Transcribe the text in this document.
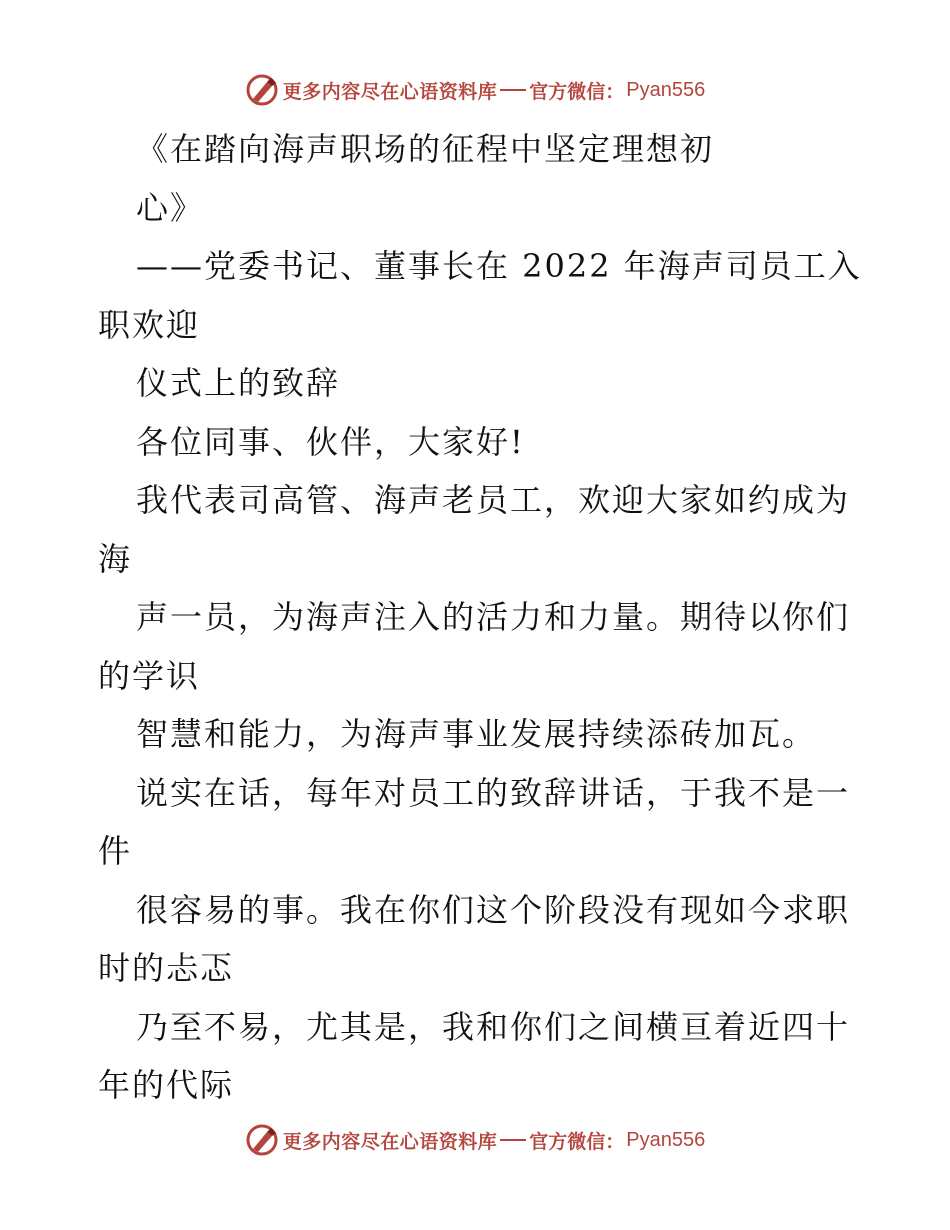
更多内容尽在心语资料库 官方微信： Pyan556
《在踏向海声职场的征程中坚定理想初
心》
——党委书记、董事长在 2022 年海声司员工入
职欢迎
仪式上的致辞
各位同事、伙伴，大家好!
我代表司高管、海声老员工，欢迎大家如约成为
海
声一员，为海声注入的活力和力量。期待以你们
的学识
智慧和能力，为海声事业发展持续添砖加瓦。
说实在话，每年对员工的致辞讲话，于我不是一
件
很容易的事。我在你们这个阶段没有现如今求职
时的忐忑
乃至不易，尤其是，我和你们之间横亘着近四十
年的代际
更多内容尽在心语资料库 官方微信： Pyan556
